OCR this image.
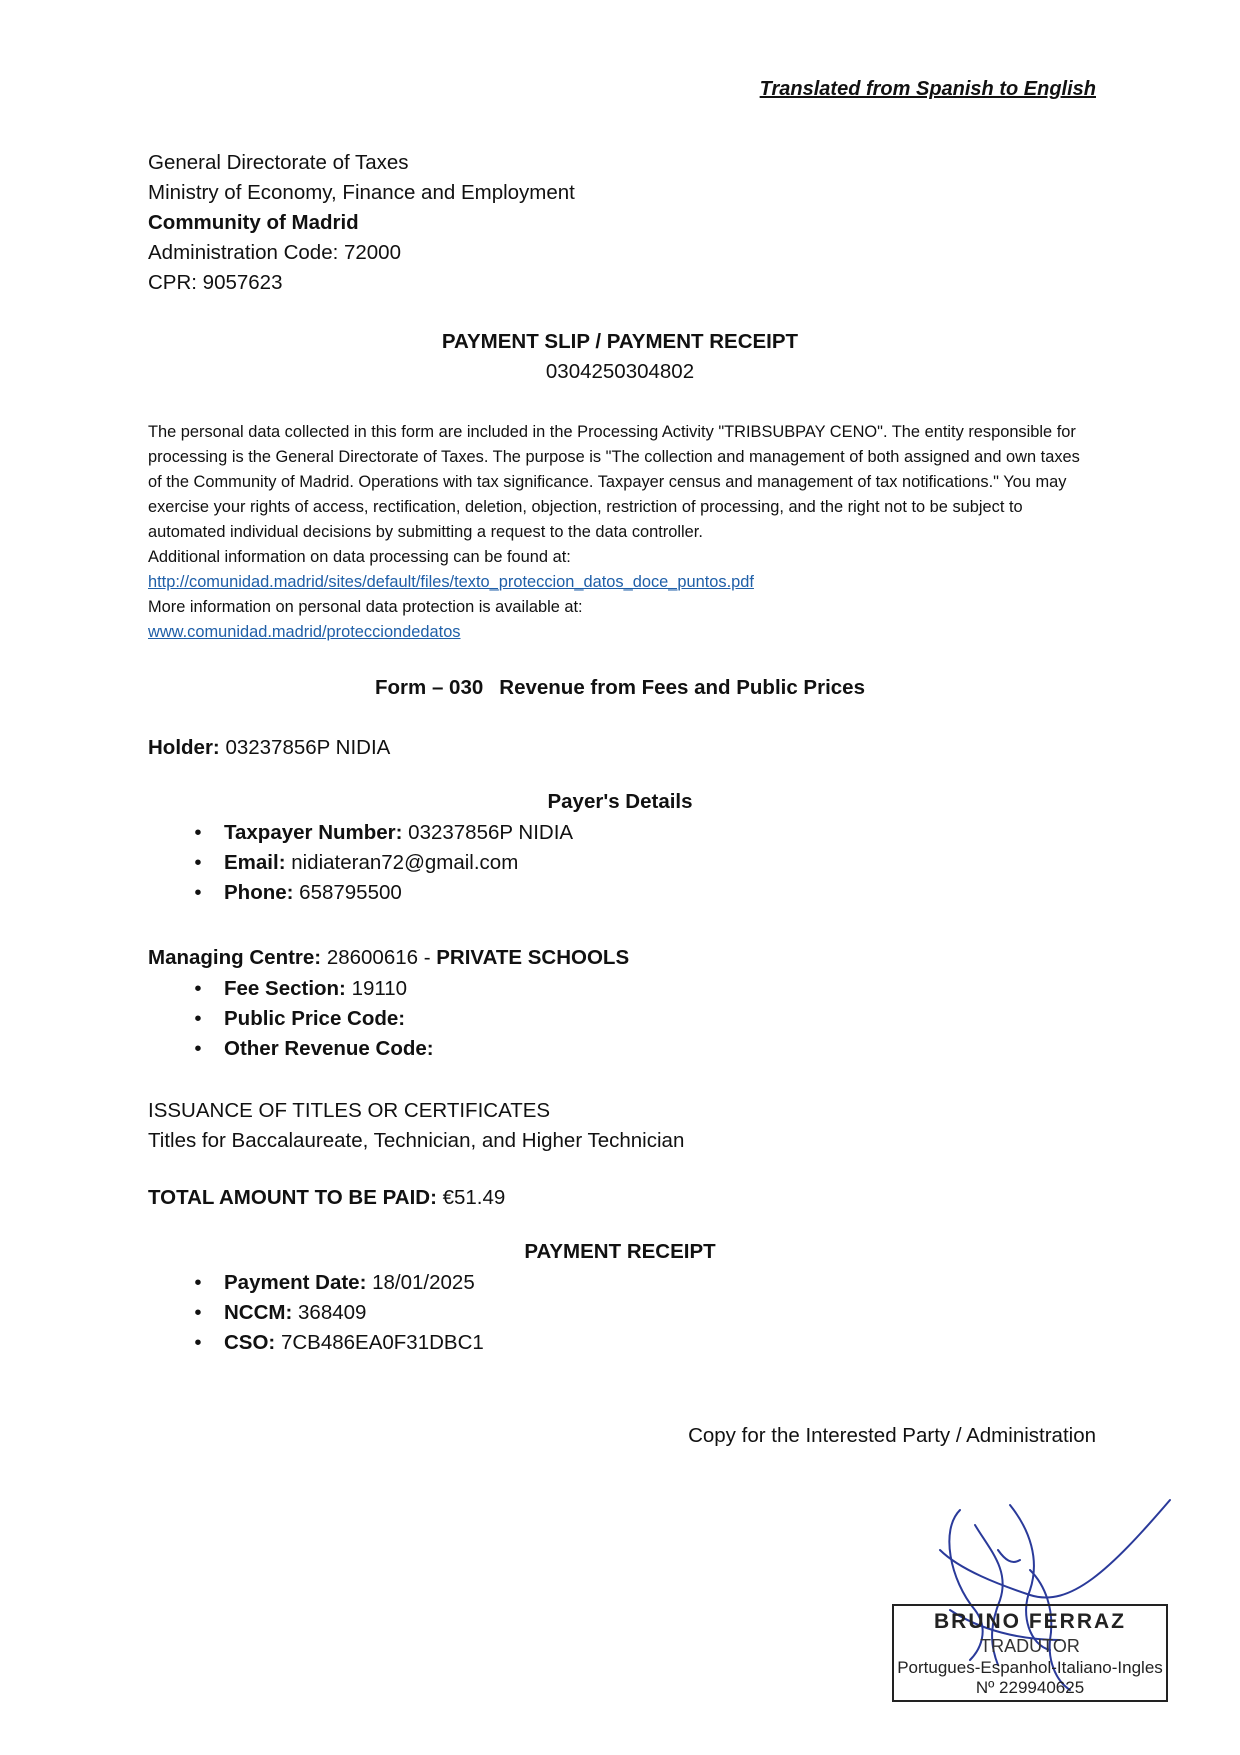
Translated from Spanish to English
General Directorate of Taxes
Ministry of Economy, Finance and Employment
Community of Madrid
Administration Code: 72000
CPR: 9057623
PAYMENT SLIP / PAYMENT RECEIPT
0304250304802

The personal data collected in this form are included in the Processing Activity "TRIBSUBPAY CENO". The entity responsible for processing is the General Directorate of Taxes. The purpose is "The collection and management of both assigned and own taxes of the Community of Madrid. Operations with tax significance. Taxpayer census and management of tax notifications." You may exercise your rights of access, rectification, deletion, objection, restriction of processing, and the right not to be subject to automated individual decisions by submitting a request to the data controller.

Additional information on data processing can be found at:

http://comunidad.madrid/sites/default/files/texto_proteccion_datos_doce_puntos.pdf

More information on personal data protection is available at:

www.comunidad.madrid/protecciondedatos

Form – 030 Revenue from Fees and Public Prices
Holder: 03237856P NIDIA
Payer's Details
•	Taxpayer Number: 03237856P NIDIA
•	Email: nidiateran72@gmail.com
•	Phone: 658795500
Managing Centre: 28600616 - PRIVATE SCHOOLS
•	Fee Section: 19110
•	Public Price Code:
•	Other Revenue Code:
ISSUANCE OF TITLES OR CERTIFICATES
Titles for Baccalaureate, Technician, and Higher Technician
TOTAL AMOUNT TO BE PAID: €51.49
PAYMENT RECEIPT
•	Payment Date: 18/01/2025
•	NCCM: 368409
•	CSO: 7CB486EA0F31DBC1
Copy for the Interested Party / Administration
BRUNO FERRAZ
TRADUTOR
Portugues-Espanhol-Italiano-Ingles
Nº 229940625
